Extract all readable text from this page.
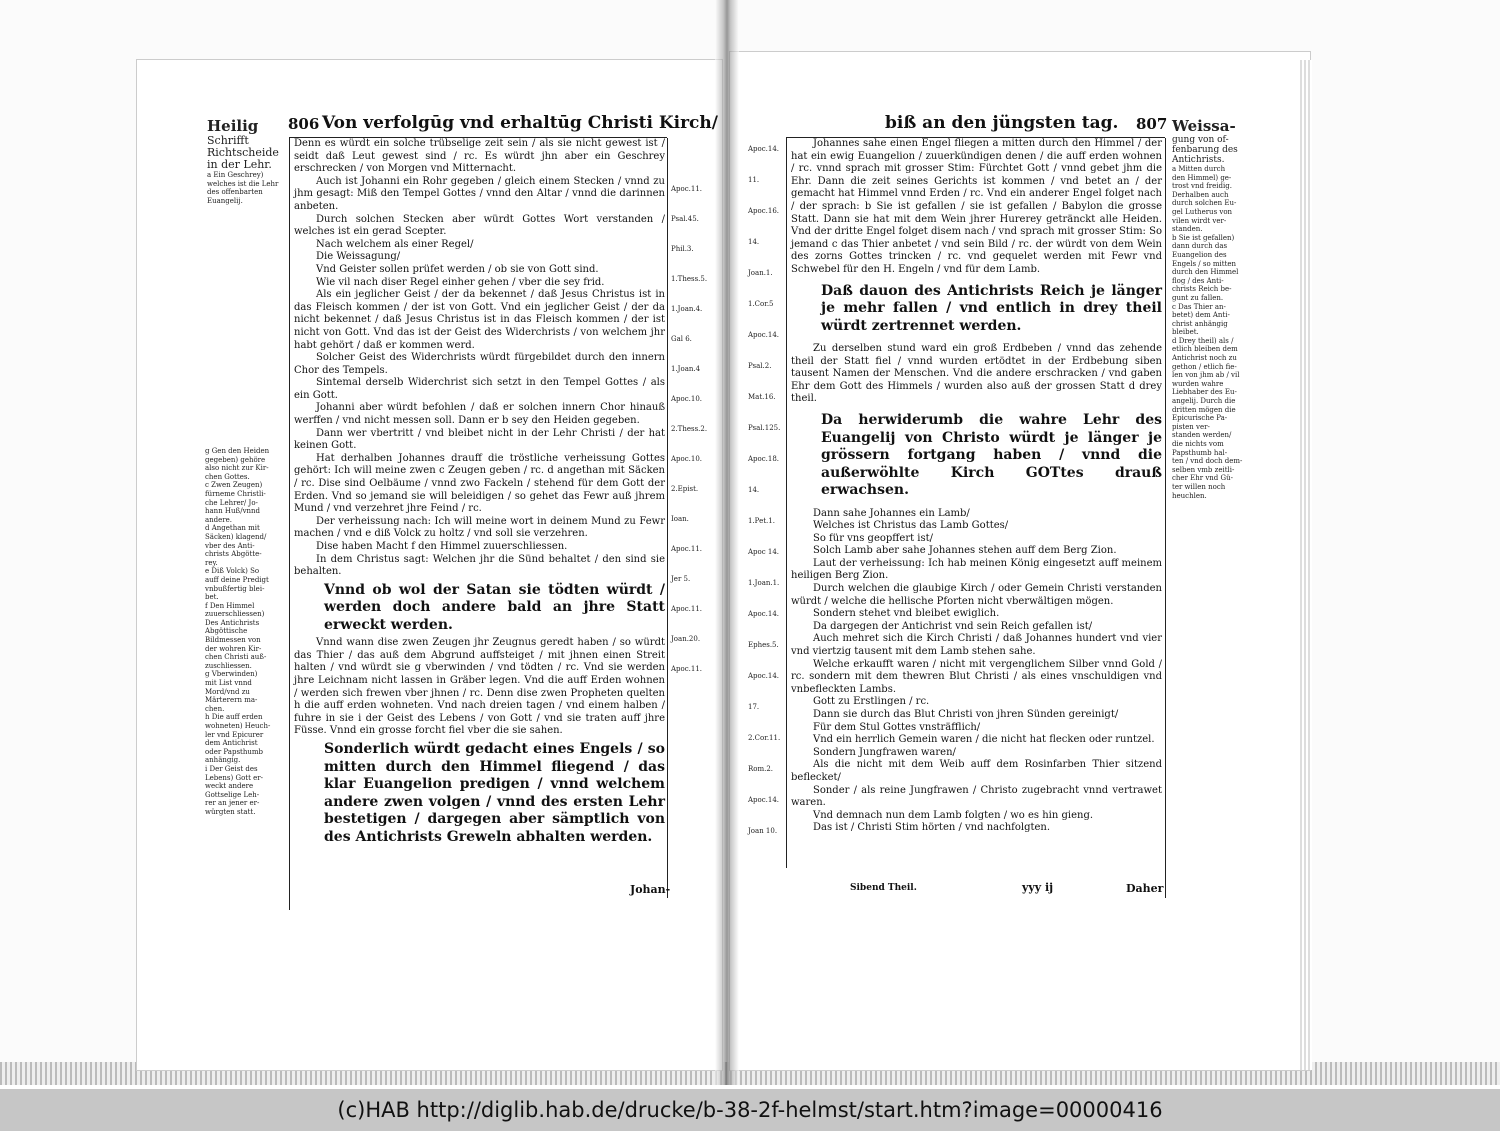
806 Von verfolgūg vnd erhaltūg Christi Kirch/
Heilig
Schrifft
Richtscheide
in der Lehr.
a Ein Geschrey)
welches ist die Lehr
des offenbarten
Euangelij.
g Gen den Heiden
gegeben) gehöre
also nicht zur Kir-
chen Gottes.
c Zwen Zeugen)
fürneme Christli-
che Lehrer/ Jo-
hann Huß/vnnd
andere.
d Angethan mit
Säcken) klagend/
vber des Anti-
christs Abgötte-
rey.
e Diß Volck) So
auff deine Predigt
vnbußfertig blei-
bet.
f Den Himmel
zuuerschliessen)
Des Antichrists
Abgöttische
Bildmessen von
der wohren Kir-
chen Christi auß-
zuschliessen.
g Vberwinden)
mit List vnnd
Mord/vnd zu
Märterern ma-
chen.
h Die auff erden
wohneten) Heuch-
ler vnd Epicurer
dem Antichrist
oder Papsthumb
anhängig.
i Der Geist des
Lebens) Gott er-
weckt andere
Gottselige Leh-
rer an jener er-
würgten statt.

Denn es würdt ein solche trübselige zeit sein / als sie nicht gewest ist / seidt daß Leut gewest sind / rc. Es würdt jhn aber ein Geschrey erschrecken / von Morgen vnd Mitternacht.

Auch ist Johanni ein Rohr gegeben / gleich einem Stecken / vnnd zu jhm gesagt: Miß den Tempel Gottes / vnnd den Altar / vnnd die darinnen anbeten.

Durch solchen Stecken aber würdt Gottes Wort verstanden / welches ist ein gerad Scepter.

Nach welchem als einer Regel/

Die Weissagung/

Vnd Geister sollen prüfet werden / ob sie von Gott sind.

Wie vil nach diser Regel einher gehen / vber die sey frid.

Als ein jeglicher Geist / der da bekennet / daß Jesus Christus ist in das Fleisch kommen / der ist von Gott. Vnd ein jeglicher Geist / der da nicht bekennet / daß Jesus Christus ist in das Fleisch kommen / der ist nicht von Gott. Vnd das ist der Geist des Widerchrists / von welchem jhr habt gehört / daß er kommen werd.

Solcher Geist des Widerchrists würdt fürgebildet durch den innern Chor des Tempels.

Sintemal derselb Widerchrist sich setzt in den Tempel Gottes / als ein Gott.

Johanni aber würdt befohlen / daß er solchen innern Chor hinauß werffen / vnd nicht messen soll. Dann er b sey den Heiden gegeben.

Dann wer vbertritt / vnd bleibet nicht in der Lehr Christi / der hat keinen Gott.

Hat derhalben Johannes drauff die tröstliche verheissung Gottes gehört: Ich will meine zwen c Zeugen geben / rc. d angethan mit Säcken / rc. Dise sind Oelbäume / vnnd zwo Fackeln / stehend für dem Gott der Erden. Vnd so jemand sie will beleidigen / so gehet das Fewr auß jhrem Mund / vnd verzehret jhre Feind / rc.

Der verheissung nach: Ich will meine wort in deinem Mund zu Fewr machen / vnd e diß Volck zu holtz / vnd soll sie verzehren.

Dise haben Macht f den Himmel zuuerschliessen.

In dem Christus sagt: Welchen jhr die Sünd behaltet / den sind sie behalten.

Vnnd ob wol der Satan sie tödten würdt / werden doch andere bald an jhre Statt erweckt werden.

Vnnd wann dise zwen Zeugen jhr Zeugnus geredt haben / so würdt das Thier / das auß dem Abgrund auffsteiget / mit jhnen einen Streit halten / vnd würdt sie g vberwinden / vnd tödten / rc. Vnd sie werden jhre Leichnam nicht lassen in Gräber legen. Vnd die auff Erden wohnen / werden sich frewen vber jhnen / rc. Denn dise zwen Propheten quelten h die auff erden wohneten. Vnd nach dreien tagen / vnd einem halben / fuhre in sie i der Geist des Lebens / von Gott / vnd sie traten auff jhre Füsse. Vnnd ein grosse forcht fiel vber die sie sahen.

Sonderlich würdt gedacht eines Engels / so mitten durch den Himmel fliegend / das klar Euangelion predigen / vnnd welchem andere zwen volgen / vnnd des ersten Lehr bestetigen / dargegen aber sämptlich von des Antichrists Greweln abhalten werden.

Apoc.11.
Psal.45.
Phil.3.
1.Thess.5.
1.Joan.4.
Gal 6.
1.Joan.4
Apoc.10.
2.Thess.2.
Apoc.10.
2.Epist.
Ioan.
Apoc.11.
Jer 5.
Apoc.11.
Joan.20.
Apoc.11.
Johan-
biß an den jüngsten tag. 807 Weissa-
gung von of-
fenbarung des
Antichrists.
a Mitten durch
den Himmel) ge-
trost vnd freidig.
Derhalben auch
durch solchen Eu-
gel Lutherus von
vilen wirdt ver-
standen.
b Sie ist gefallen)
dann durch das
Euangelion des
Engels / so mitten
durch den Himmel
flog / des Anti-
christs Reich be-
gunt zu fallen.
c Das Thier an-
betet) dem Anti-
christ anhängig
bleibet.
d Drey theil) als /
etlich bleiben dem
Antichrist noch zu
gethon / etlich fie-
len von jhm ab / vil
wurden wahre
Liebhaber des Eu-
angelij. Durch die
dritten mögen die
Epicurische Pa-
pisten ver-
standen werden/
die nichts vom
Papsthumb hal-
ten / vnd doch dem-
selben vmb zeitli-
cher Ehr vnd Gü-
ter willen noch
heuchlen.

Johannes sahe einen Engel fliegen a mitten durch den Himmel / der hat ein ewig Euangelion / zuuerkündigen denen / die auff erden wohnen / rc. vnnd sprach mit grosser Stim: Fürchtet Gott / vnnd gebet jhm die Ehr. Dann die zeit seines Gerichts ist kommen / vnd betet an / der gemacht hat Himmel vnnd Erden / rc. Vnd ein anderer Engel folget nach / der sprach: b Sie ist gefallen / sie ist gefallen / Babylon die grosse Statt. Dann sie hat mit dem Wein jhrer Hurerey getränckt alle Heiden. Vnd der dritte Engel folget disem nach / vnd sprach mit grosser Stim: So jemand c das Thier anbetet / vnd sein Bild / rc. der würdt von dem Wein des zorns Gottes trincken / rc. vnd gequelet werden mit Fewr vnd Schwebel für den H. Engeln / vnd für dem Lamb.

Daß dauon des Antichrists Reich je länger je mehr fallen / vnd entlich in drey theil würdt zertrennet werden.

Zu derselben stund ward ein groß Erdbeben / vnnd das zehende theil der Statt fiel / vnnd wurden ertödtet in der Erdbebung siben tausent Namen der Menschen. Vnd die andere erschracken / vnd gaben Ehr dem Gott des Himmels / wurden also auß der grossen Statt d drey theil.

Da herwiderumb die wahre Lehr des Euangelij von Christo würdt je länger je grössern fortgang haben / vnnd die außerwöhlte Kirch GOTtes drauß erwachsen.

Dann sahe Johannes ein Lamb/

Welches ist Christus das Lamb Gottes/

So für vns geopffert ist/

Solch Lamb aber sahe Johannes stehen auff dem Berg Zion.

Laut der verheissung: Ich hab meinen König eingesetzt auff meinem heiligen Berg Zion.

Durch welchen die glaubige Kirch / oder Gemein Christi verstanden würdt / welche die hellische Pforten nicht vberwältigen mögen.

Sondern stehet vnd bleibet ewiglich.

Da dargegen der Antichrist vnd sein Reich gefallen ist/

Auch mehret sich die Kirch Christi / daß Johannes hundert vnd vier vnd viertzig tausent mit dem Lamb stehen sahe.

Welche erkaufft waren / nicht mit vergenglichem Silber vnnd Gold / rc. sondern mit dem thewren Blut Christi / als eines vnschuldigen vnd vnbefleckten Lambs.

Gott zu Erstlingen / rc.

Dann sie durch das Blut Christi von jhren Sünden gereinigt/

Für dem Stul Gottes vnsträfflich/

Vnd ein herrlich Gemein waren / die nicht hat flecken oder runtzel.

Sondern Jungfrawen waren/

Als die nicht mit dem Weib auff dem Rosinfarben Thier sitzend beflecket/

Sonder / als reine Jungfrawen / Christo zugebracht vnnd vertrawet waren.

Vnd demnach nun dem Lamb folgten / wo es hin gieng.

Das ist / Christi Stim hörten / vnd nachfolgten.

Apoc.14.
11.
Apoc.16.
14.
Joan.1.
1.Cor.5
Apoc.14.
Psal.2.
Mat.16.
Psal.125.
Apoc.18.
14.
1.Pet.1.
Apoc 14.
1.Joan.1.
Apoc.14.
Ephes.5.
Apoc.14.
17.
2.Cor.11.
Rom.2.
Apoc.14.
Joan 10.
Sibend Theil.	yyy ij	Daher
(c)HAB http://diglib.hab.de/drucke/b-38-2f-helmst/start.htm?image=00000416
